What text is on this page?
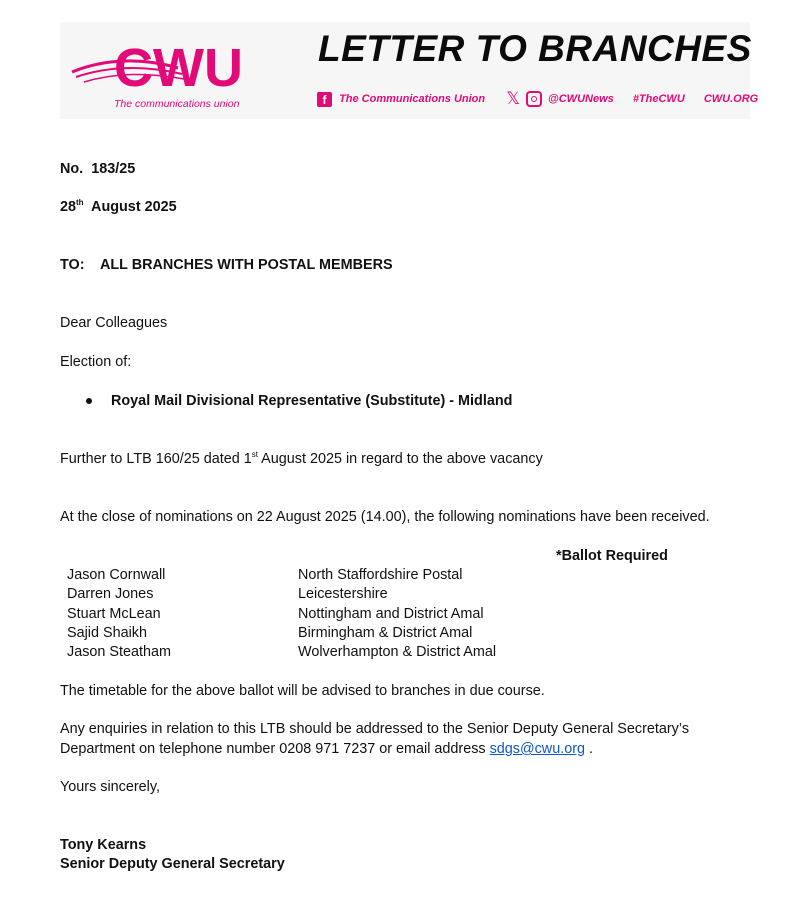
CWU
The communications union
LETTER TO BRANCHES
f The Communications Union 𝕏	@CWUNews #TheCWU CWU.ORG
No. 183/25
28th August 2025
TO: ALL BRANCHES WITH POSTAL MEMBERS
Dear Colleagues
Election of:
Royal Mail Divisional Representative (Substitute) - Midland
Further to LTB 160/25 dated 1st August 2025 in regard to the above vacancy
At the close of nominations on 22 August 2025 (14.00), the following nominations have been received.
*Ballot Required
Jason Cornwall	North Staffordshire Postal
Darren Jones	Leicestershire
Stuart McLean	Nottingham and District Amal
Sajid Shaikh	Birmingham & District Amal
Jason Steatham	Wolverhampton & District Amal
The timetable for the above ballot will be advised to branches in due course.
Any enquiries in relation to this LTB should be addressed to the Senior Deputy General Secretary’s
Department on telephone number 0208 971 7237 or email address sdgs@cwu.org .
Yours sincerely,
Tony Kearns
Senior Deputy General Secretary
